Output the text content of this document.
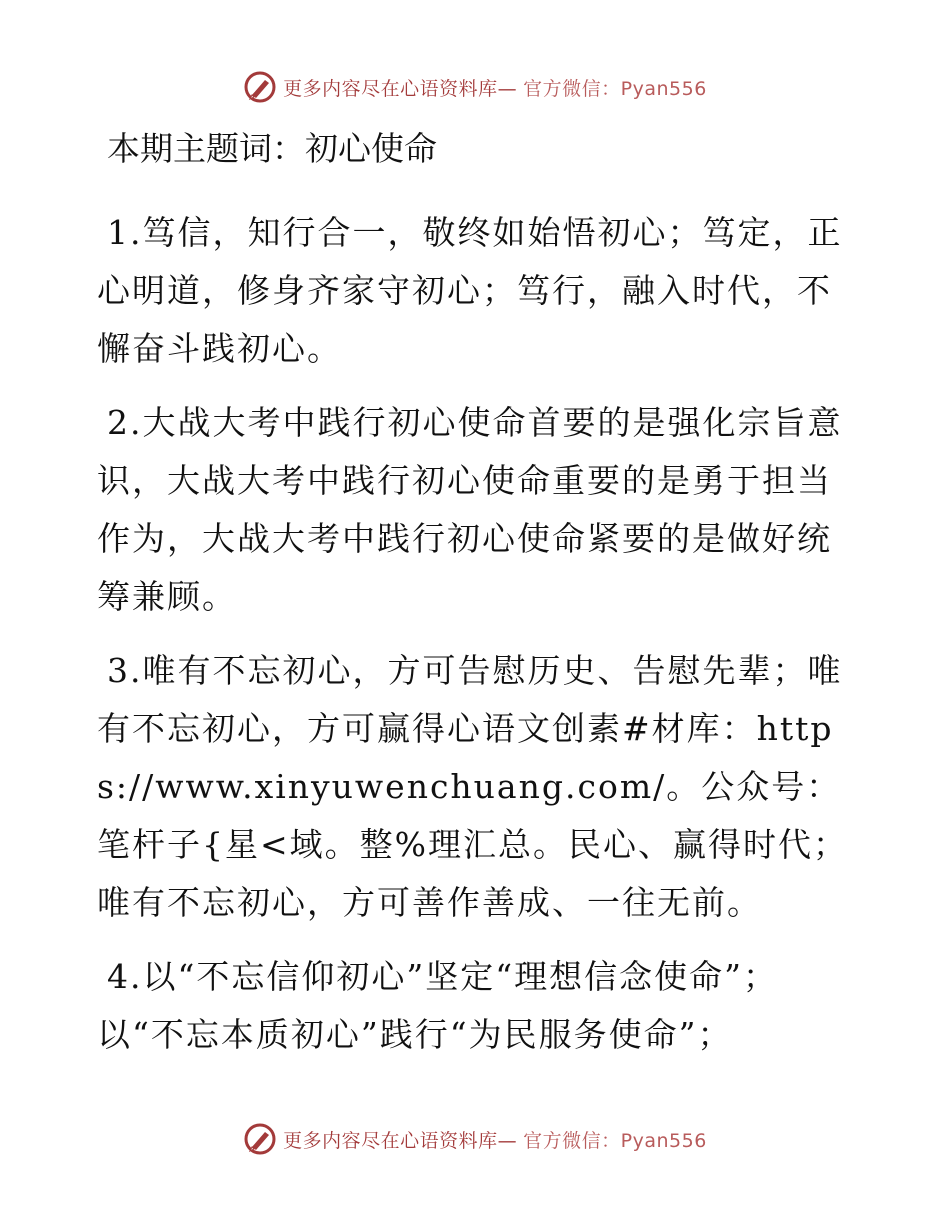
更多内容尽在心语资料库— 官方微信：Pyan556
本期主题词：初心使命

1.笃信，知行合一，敬终如始悟初心；笃定，正心明道，修身齐家守初心；笃行，融入时代，不懈奋斗践初心。

2.大战大考中践行初心使命首要的是强化宗旨意识，大战大考中践行初心使命重要的是勇于担当作为，大战大考中践行初心使命紧要的是做好统筹兼顾。

3.唯有不忘初心，方可告慰历史、告慰先辈；唯有不忘初心，方可赢得心语文创素#材库：https://www.xinyuwenchuang.com/。公众号：笔杆子{星<域。整%理汇总。民心、赢得时代；唯有不忘初心，方可善作善成、一往无前。

4.以“不忘信仰初心”坚定“理想信念使命”；以“不忘本质初心”践行“为民服务使命”；

更多内容尽在心语资料库— 官方微信：Pyan556
